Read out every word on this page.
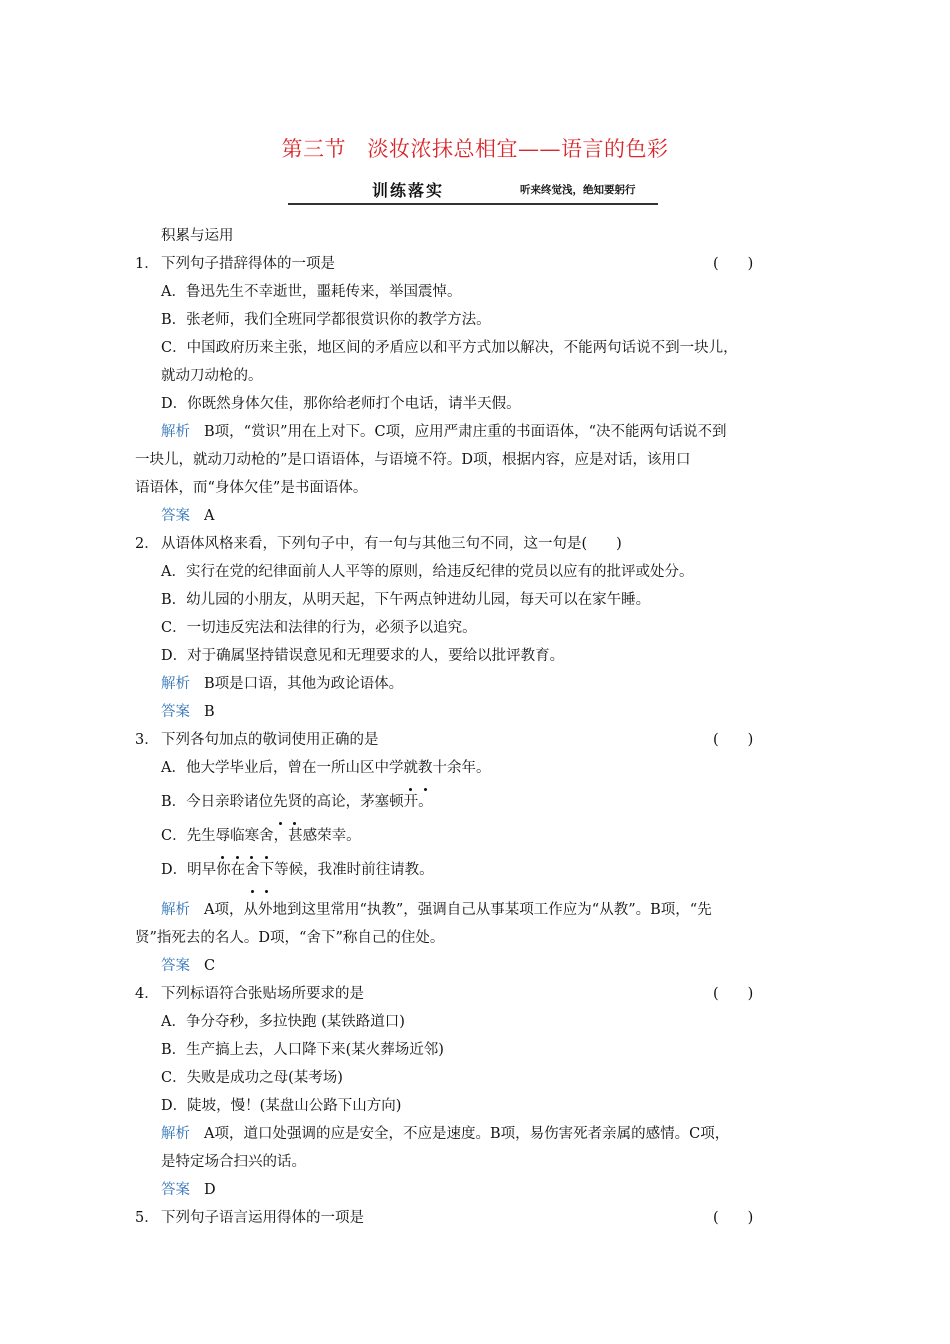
第三节　淡妆浓抹总相宜——语言的色彩
训练落实	听来终觉浅，绝知要躬行
积累与运用
1． 下列句子措辞得体的一项是	(　　)
A．鲁迅先生不幸逝世，噩耗传来，举国震悼。
B．张老师，我们全班同学都很赏识你的教学方法。
C．中国政府历来主张，地区间的矛盾应以和平方式加以解决，不能两句话说不到一块儿，
就动刀动枪的。
D．你既然身体欠佳，那你给老师打个电话，请半天假。
解析 B项，“赏识”用在上对下。C项，应用严肃庄重的书面语体，“决不能两句话说不到
一块儿，就动刀动枪的”是口语语体，与语境不符。D项，根据内容，应是对话，该用口
语语体，而“身体欠佳”是书面语体。
答案 A
2． 从语体风格来看，下列句子中，有一句与其他三句不同，这一句是(　　)
A．实行在党的纪律面前人人平等的原则，给违反纪律的党员以应有的批评或处分。
B．幼儿园的小朋友，从明天起，下午两点钟进幼儿园，每天可以在家午睡。
C．一切违反宪法和法律的行为，必须予以追究。
D．对于确属坚持错误意见和无理要求的人，要给以批评教育。
解析 B项是口语，其他为政论语体。
答案 B
3． 下列各句加点的敬词使用正确的是	(　　)
A．他大学毕业后，曾在一所山区中学就教十余年。
B．今日亲聆诸位先贤的高论，茅塞顿开。
C．先生辱临寒舍，甚感荣幸。
D．明早你在舍下等候，我准时前往请教。
解析 A项，从外地到这里常用“执教”，强调自己从事某项工作应为“从教”。B项，“先
贤”指死去的名人。D项，“舍下”称自己的住处。
答案 C
4． 下列标语符合张贴场所要求的是	(　　)
A．争分夺秒，多拉快跑 (某铁路道口)
B．生产搞上去，人口降下来(某火葬场近邻)
C．失败是成功之母(某考场)
D．陡坡，慢！(某盘山公路下山方向)
解析 A项，道口处强调的应是安全，不应是速度。B项，易伤害死者亲属的感情。C项，
是特定场合扫兴的话。
答案 D
5． 下列句子语言运用得体的一项是	(　　)
